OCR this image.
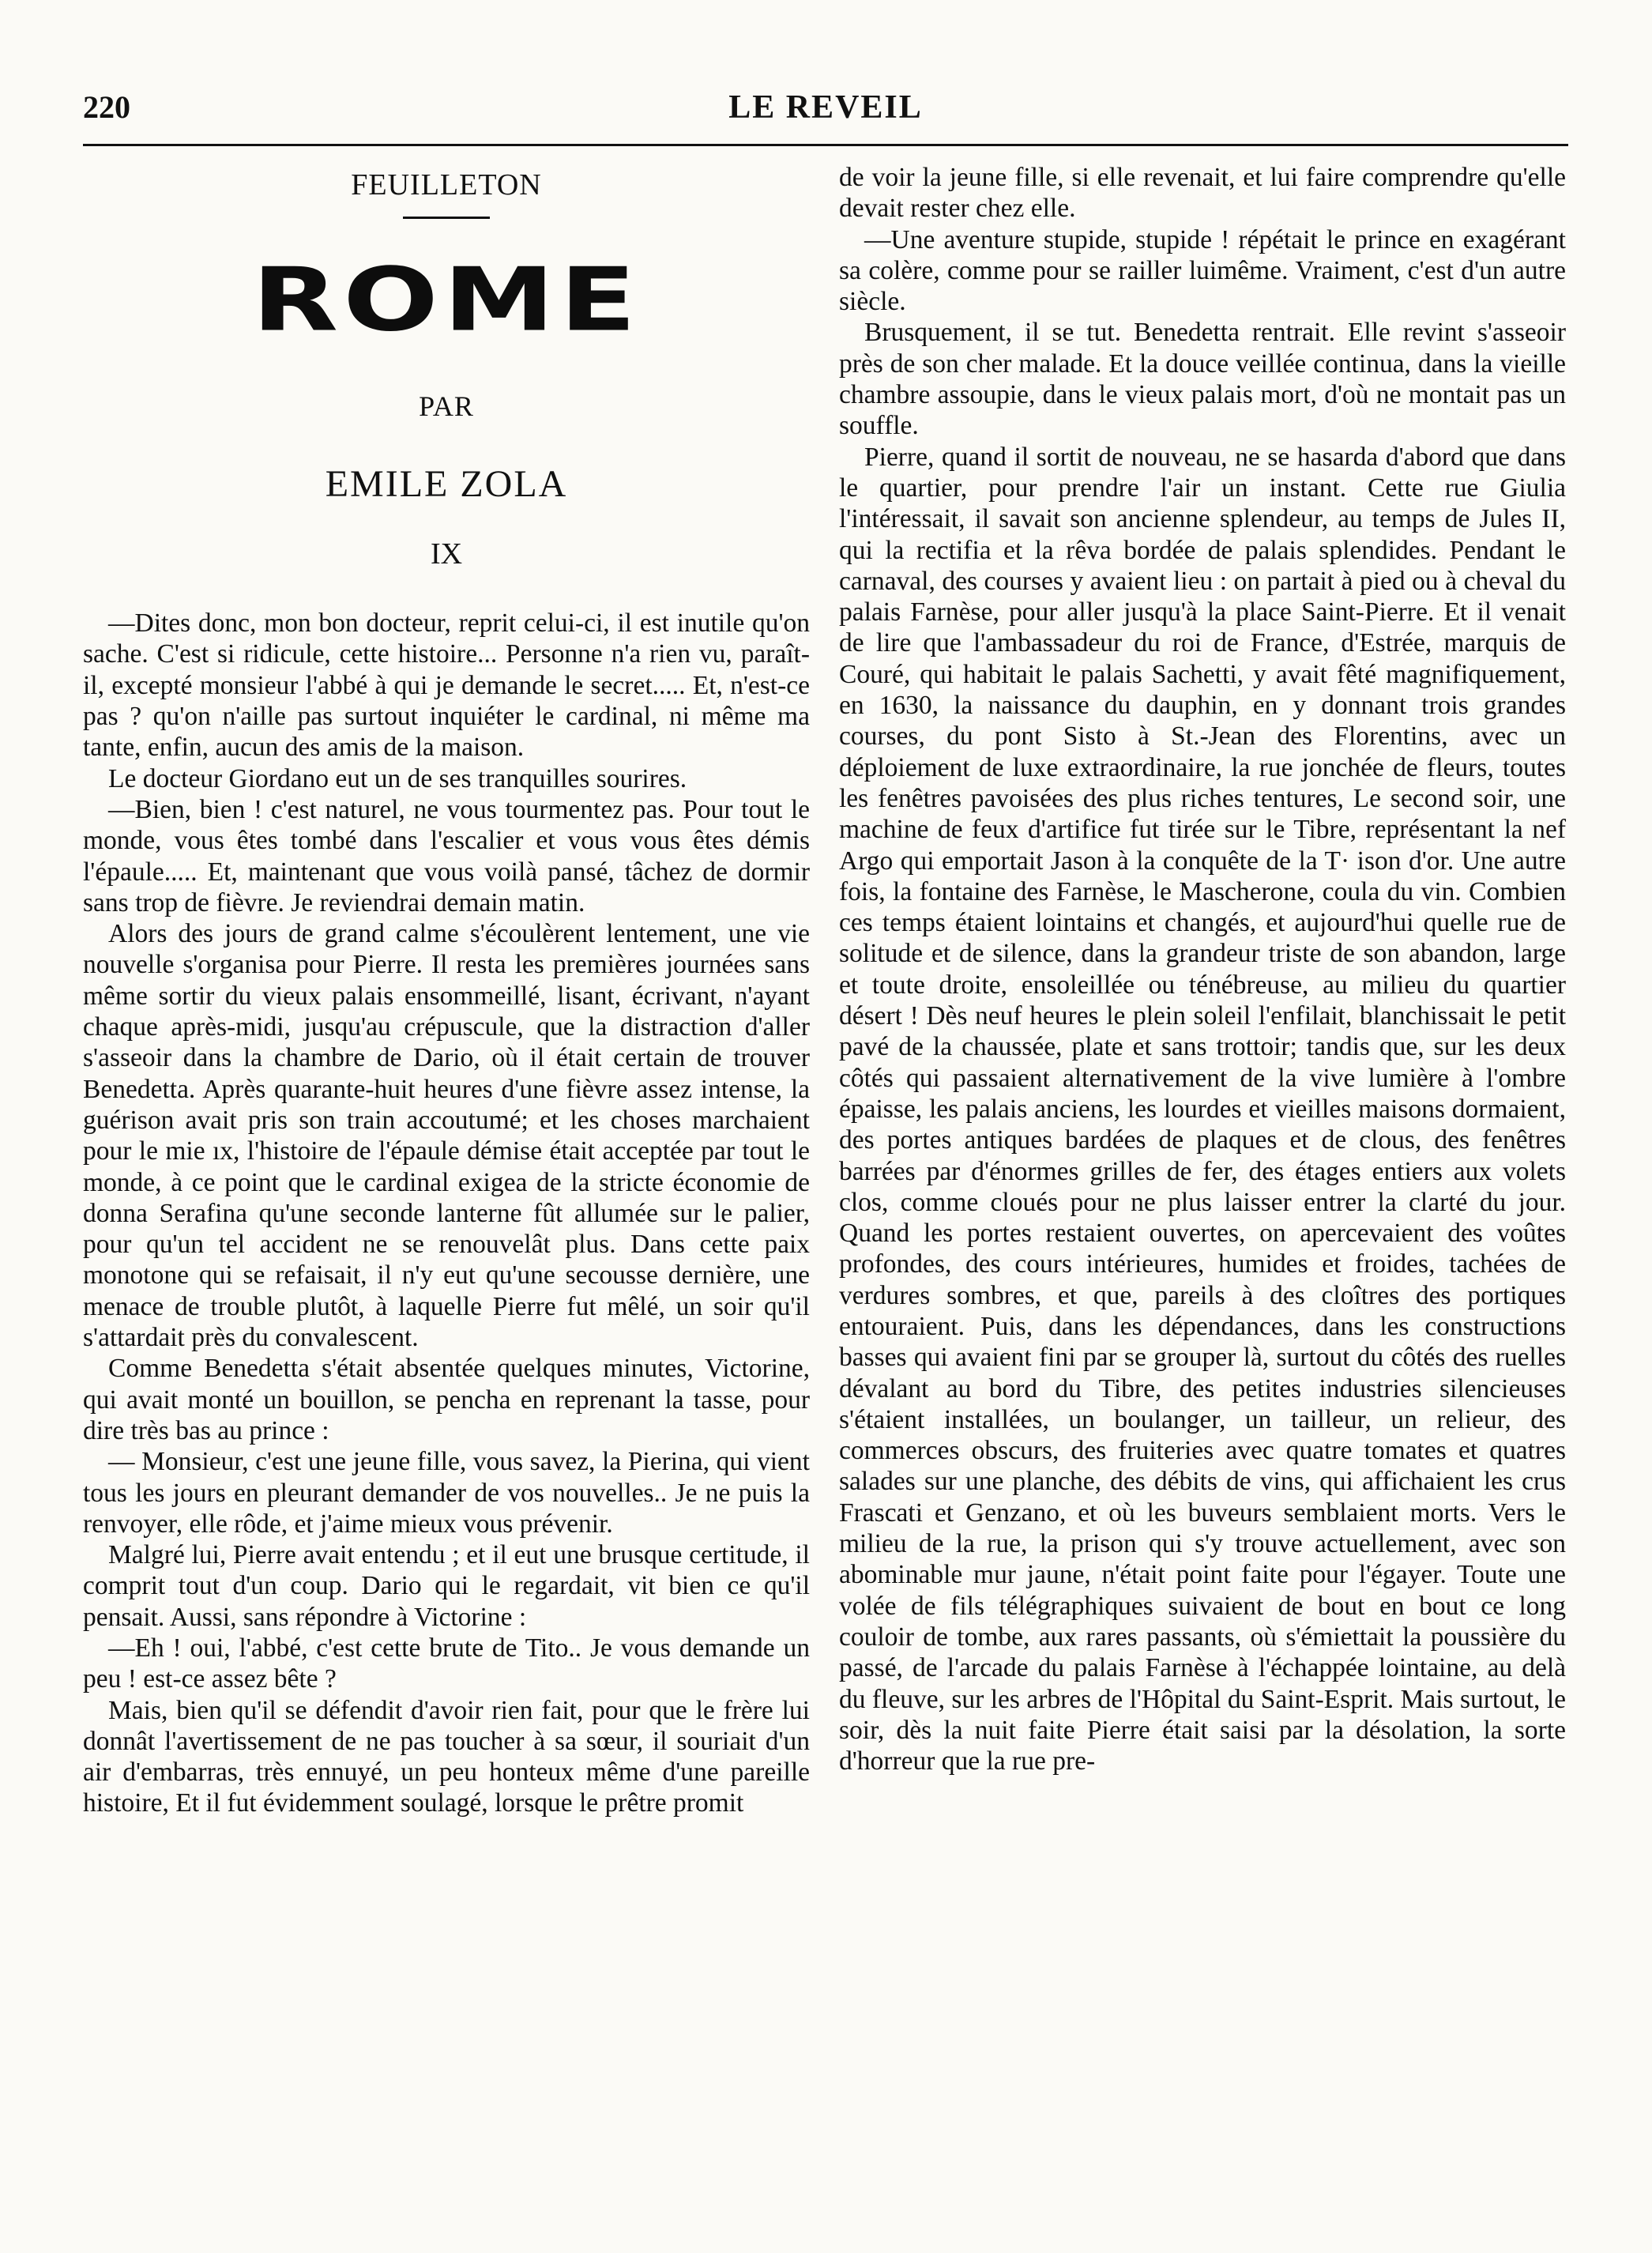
220	LE REVEIL
FEUILLETON
ROME
PAR
EMILE ZOLA
IX

—Dites donc, mon bon docteur, reprit celui-ci, il est inutile qu'on sache. C'est si ridicule, cette histoire... Personne n'a rien vu, paraît-il, excepté monsieur l'abbé à qui je demande le secret..... Et, n'est-ce pas ? qu'on n'aille pas surtout inquiéter le cardinal, ni même ma tante, enfin, aucun des amis de la maison.

Le docteur Giordano eut un de ses tranquilles sourires.

—Bien, bien ! c'est naturel, ne vous tourmentez pas. Pour tout le monde, vous êtes tombé dans l'escalier et vous vous êtes démis l'épaule..... Et, maintenant que vous voilà pansé, tâchez de dormir sans trop de fièvre. Je reviendrai demain matin.

Alors des jours de grand calme s'écoulèrent lentement, une vie nouvelle s'organisa pour Pierre. Il resta les premières journées sans même sortir du vieux palais ensommeillé, lisant, écrivant, n'ayant chaque après-midi, jusqu'au crépuscule, que la distraction d'aller s'asseoir dans la chambre de Dario, où il était certain de trouver Benedetta. Après quarante-huit heures d'une fièvre assez intense, la guérison avait pris son train accoutumé; et les choses marchaient pour le mie ıx, l'histoire de l'épaule démise était acceptée par tout le monde, à ce point que le cardinal exigea de la stricte économie de donna Serafina qu'une seconde lanterne fût allumée sur le palier, pour qu'un tel accident ne se renouvelât plus. Dans cette paix monotone qui se refaisait, il n'y eut qu'une secousse dernière, une menace de trouble plutôt, à laquelle Pierre fut mêlé, un soir qu'il s'attardait près du convalescent.

Comme Benedetta s'était absentée quelques minutes, Victorine, qui avait monté un bouillon, se pencha en reprenant la tasse, pour dire très bas au prince :

— Monsieur, c'est une jeune fille, vous savez, la Pierina, qui vient tous les jours en pleurant demander de vos nouvelles.. Je ne puis la renvoyer, elle rôde, et j'aime mieux vous prévenir.

Malgré lui, Pierre avait entendu ; et il eut une brusque certitude, il comprit tout d'un coup. Dario qui le regardait, vit bien ce qu'il pensait. Aussi, sans répondre à Victorine :

—Eh ! oui, l'abbé, c'est cette brute de Tito.. Je vous demande un peu ! est-ce assez bête ?

Mais, bien qu'il se défendit d'avoir rien fait, pour que le frère lui donnât l'avertissement de ne pas toucher à sa sœur, il souriait d'un air d'embarras, très ennuyé, un peu honteux même d'une pareille histoire, Et il fut évidemment soulagé, lorsque le prêtre promit

de voir la jeune fille, si elle revenait, et lui faire comprendre qu'elle devait rester chez elle.

—Une aventure stupide, stupide ! répétait le prince en exagérant sa colère, comme pour se railler luimême. Vraiment, c'est d'un autre siècle.

Brusquement, il se tut. Benedetta rentrait. Elle revint s'asseoir près de son cher malade. Et la douce veillée continua, dans la vieille chambre assoupie, dans le vieux palais mort, d'où ne montait pas un souffle.

Pierre, quand il sortit de nouveau, ne se hasarda d'abord que dans le quartier, pour prendre l'air un instant. Cette rue Giulia l'intéressait, il savait son ancienne splendeur, au temps de Jules II, qui la rectifia et la rêva bordée de palais splendides. Pendant le carnaval, des courses y avaient lieu : on partait à pied ou à cheval du palais Farnèse, pour aller jusqu'à la place Saint-Pierre. Et il venait de lire que l'ambassadeur du roi de France, d'Estrée, marquis de Couré, qui habitait le palais Sachetti, y avait fêté magnifiquement, en 1630, la naissance du dauphin, en y donnant trois grandes courses, du pont Sisto à St.-Jean des Florentins, avec un déploiement de luxe extraordinaire, la rue jonchée de fleurs, toutes les fenêtres pavoisées des plus riches tentures, Le second soir, une machine de feux d'artifice fut tirée sur le Tibre, représentant la nef Argo qui emportait Jason à la conquête de la T· ison d'or. Une autre fois, la fontaine des Farnèse, le Mascherone, coula du vin. Combien ces temps étaient lointains et changés, et aujourd'hui quelle rue de solitude et de silence, dans la grandeur triste de son abandon, large et toute droite, ensoleillée ou ténébreuse, au milieu du quartier désert ! Dès neuf heures le plein soleil l'enfilait, blanchissait le petit pavé de la chaussée, plate et sans trottoir; tandis que, sur les deux côtés qui passaient alternativement de la vive lumière à l'ombre épaisse, les palais anciens, les lourdes et vieilles maisons dormaient, des portes antiques bardées de plaques et de clous, des fenêtres barrées par d'énormes grilles de fer, des étages entiers aux volets clos, comme cloués pour ne plus laisser entrer la clarté du jour. Quand les portes restaient ouvertes, on apercevaient des voûtes profondes, des cours intérieures, humides et froides, tachées de verdures sombres, et que, pareils à des cloîtres des portiques entouraient. Puis, dans les dépendances, dans les constructions basses qui avaient fini par se grouper là, surtout du côtés des ruelles dévalant au bord du Tibre, des petites industries silencieuses s'étaient installées, un boulanger, un tailleur, un relieur, des commerces obscurs, des fruiteries avec quatre tomates et quatres salades sur une planche, des débits de vins, qui affichaient les crus Frascati et Genzano, et où les buveurs semblaient morts. Vers le milieu de la rue, la prison qui s'y trouve actuellement, avec son abominable mur jaune, n'était point faite pour l'égayer. Toute une volée de fils télégraphiques suivaient de bout en bout ce long couloir de tombe, aux rares passants, où s'émiettait la poussière du passé, de l'arcade du palais Farnèse à l'échappée lointaine, au delà du fleuve, sur les arbres de l'Hôpital du Saint-Esprit. Mais surtout, le soir, dès la nuit faite Pierre était saisi par la désolation, la sorte d'horreur que la rue pre-
